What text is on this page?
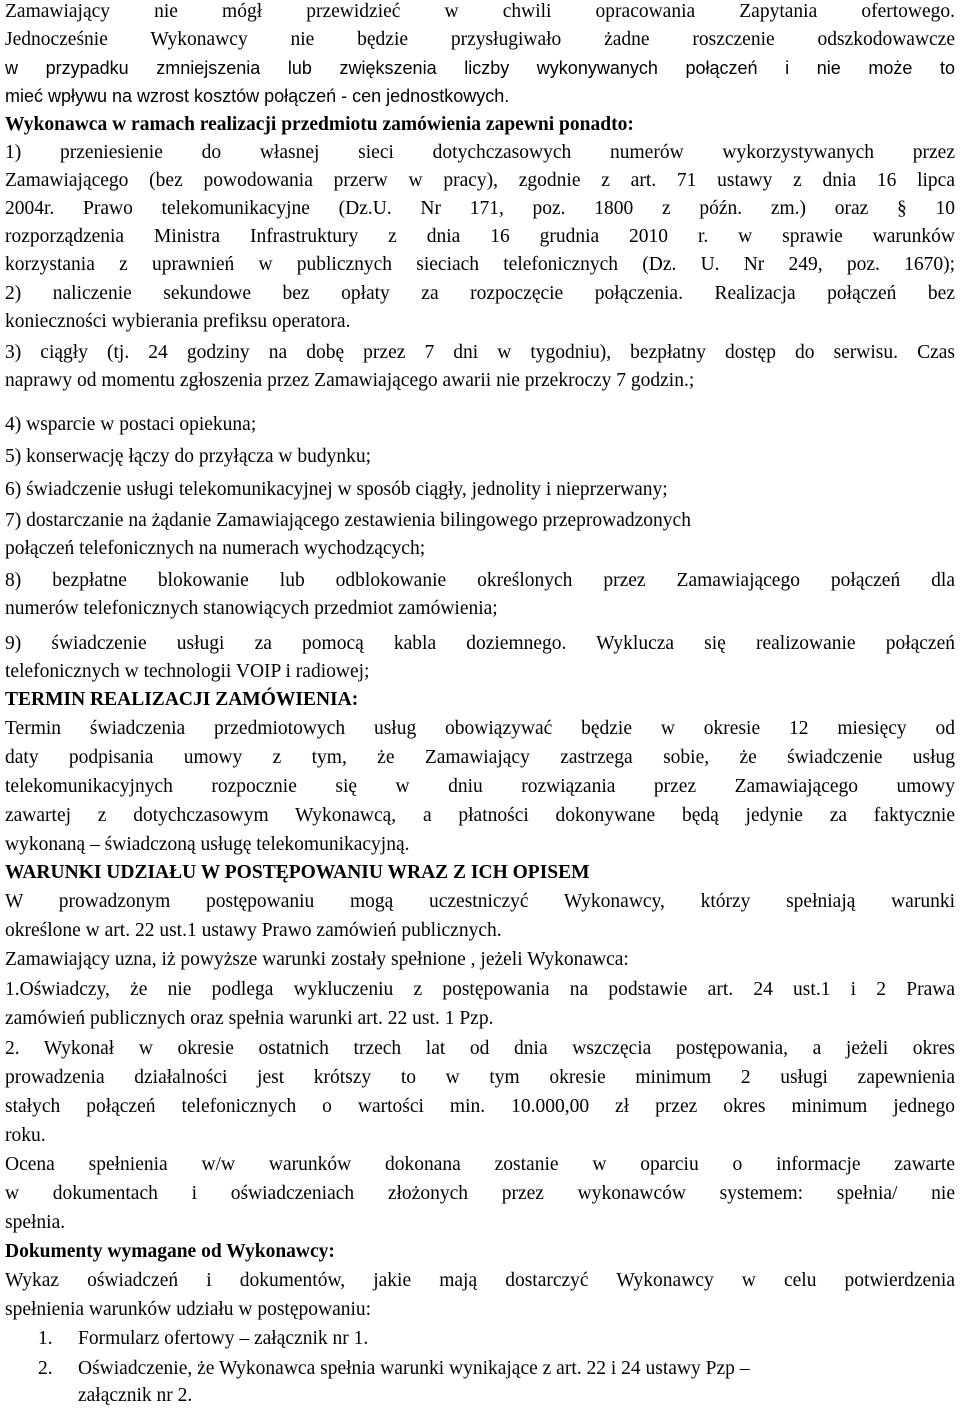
Zamawiający nie mógł przewidzieć w chwili opracowania Zapytania ofertowego.
Jednocześnie Wykonawcy nie będzie przysługiwało żadne roszczenie odszkodowawcze
w przypadku zmniejszenia lub zwiększenia liczby wykonywanych połączeń i nie może to
mieć wpływu na wzrost kosztów połączeń - cen jednostkowych.
Wykonawca w ramach realizacji przedmiotu zamówienia zapewni ponadto:
1) przeniesienie do własnej sieci dotychczasowych numerów wykorzystywanych przez
Zamawiającego (bez powodowania przerw w pracy), zgodnie z art. 71 ustawy z dnia 16 lipca
2004r. Prawo telekomunikacyjne (Dz.U. Nr 171, poz. 1800 z późn. zm.) oraz § 10
rozporządzenia Ministra Infrastruktury z dnia 16 grudnia 2010 r. w sprawie warunków
korzystania z uprawnień w publicznych sieciach telefonicznych (Dz. U. Nr 249, poz. 1670);
2) naliczenie sekundowe bez opłaty za rozpoczęcie połączenia. Realizacja połączeń bez
konieczności wybierania prefiksu operatora.
3) ciągły (tj. 24 godziny na dobę przez 7 dni w tygodniu), bezpłatny dostęp do serwisu. Czas
naprawy od momentu zgłoszenia przez Zamawiającego awarii nie przekroczy 7 godzin.;
4) wsparcie w postaci opiekuna;
5) konserwację łączy do przyłącza w budynku;
6) świadczenie usługi telekomunikacyjnej w sposób ciągły, jednolity i nieprzerwany;
7) dostarczanie na żądanie Zamawiającego zestawienia bilingowego przeprowadzonych
połączeń telefonicznych na numerach wychodzących;
8) bezpłatne blokowanie lub odblokowanie określonych przez Zamawiającego połączeń dla
numerów telefonicznych stanowiących przedmiot zamówienia;
9) świadczenie usługi za pomocą kabla doziemnego. Wyklucza się realizowanie połączeń
telefonicznych w technologii VOIP i radiowej;
TERMIN REALIZACJI ZAMÓWIENIA:
Termin świadczenia przedmiotowych usług obowiązywać będzie w okresie 12 miesięcy od
daty podpisania umowy z tym, że Zamawiający zastrzega sobie, że świadczenie usług
telekomunikacyjnych rozpocznie się w dniu rozwiązania przez Zamawiającego umowy
zawartej z dotychczasowym Wykonawcą, a płatności dokonywane będą jedynie za faktycznie
wykonaną – świadczoną usługę telekomunikacyjną.
WARUNKI UDZIAŁU W POSTĘPOWANIU WRAZ Z ICH OPISEM
W prowadzonym postępowaniu mogą uczestniczyć Wykonawcy, którzy spełniają warunki
określone w art. 22 ust.1 ustawy Prawo zamówień publicznych.
Zamawiający uzna, iż powyższe warunki zostały spełnione , jeżeli Wykonawca:
1.Oświadczy, że nie podlega wykluczeniu z postępowania na podstawie art. 24 ust.1 i 2 Prawa
zamówień publicznych oraz spełnia warunki art. 22 ust. 1 Pzp.
2. Wykonał w okresie ostatnich trzech lat od dnia wszczęcia postępowania, a jeżeli okres
prowadzenia działalności jest krótszy to w tym okresie minimum 2 usługi zapewnienia
stałych połączeń telefonicznych o wartości min. 10.000,00 zł przez okres minimum jednego
roku.
Ocena spełnienia w/w warunków dokonana zostanie w oparciu o informacje zawarte
w dokumentach i oświadczeniach złożonych przez wykonawców systemem: spełnia/ nie
spełnia.
Dokumenty wymagane od Wykonawcy:
Wykaz oświadczeń i dokumentów, jakie mają dostarczyć Wykonawcy w celu potwierdzenia
spełnienia warunków udziału w postępowaniu:
1. Formularz ofertowy – załącznik nr 1.
2. Oświadczenie, że Wykonawca spełnia warunki wynikające z art. 22 i 24 ustawy Pzp –
załącznik nr 2.
